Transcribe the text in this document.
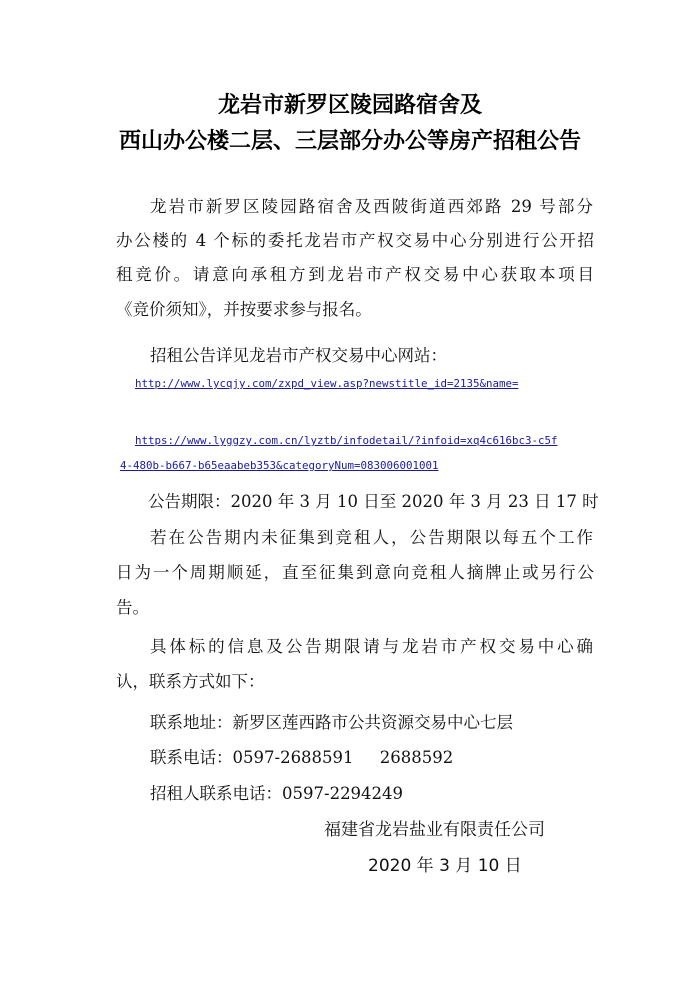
龙岩市新罗区陵园路宿舍及
西山办公楼二层、三层部分办公等房产招租公告
龙岩市新罗区陵园路宿舍及西陂街道西郊路 29 号部分
办公楼的 4 个标的委托龙岩市产权交易中心分别进行公开招
租竞价。请意向承租方到龙岩市产权交易中心获取本项目
《竞价须知》，并按要求参与报名。
招租公告详见龙岩市产权交易中心网站：
http://www.lycqjy.com/zxpd_view.asp?newstitle_id=2135&name=
https://www.lyggzy.com.cn/lyztb/infodetail/?infoid=xq4c616bc3-c5f
4-480b-b667-b65eaabeb353&categoryNum=083006001001
公告期限：2020 年 3 月 10 日至 2020 年 3 月 23 日 17 时
若在公告期内未征集到竞租人，公告期限以每五个工作
日为一个周期顺延，直至征集到意向竞租人摘牌止或另行公
告。
具体标的信息及公告期限请与龙岩市产权交易中心确
认，联系方式如下：
联系地址：新罗区莲西路市公共资源交易中心七层
联系电话：0597-2688591     2688592
招租人联系电话：0597-2294249
福建省龙岩盐业有限责任公司
2020 年 3 月 10 日
